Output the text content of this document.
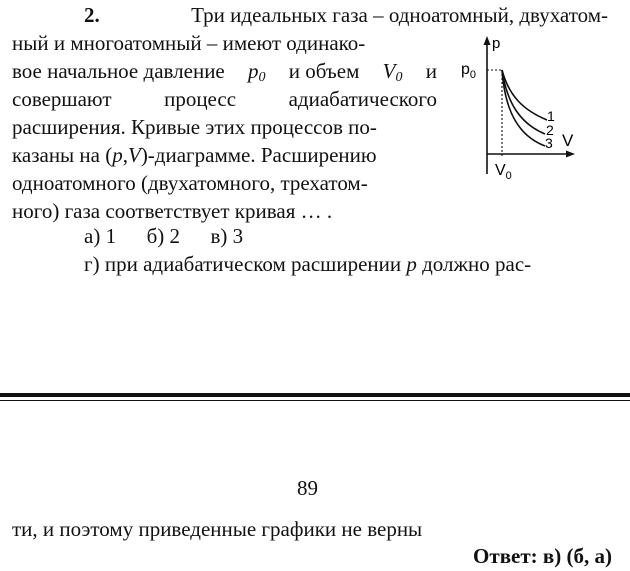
2.	Три идеальных газа – одноатомный, двухатом-
ный и многоатомный – имеют одинако-
вое начальное давление $p_0$ и объем $V_0$ и
совершают процесс адиабатического
расширения. Кривые этих процессов по-
казаны на (p,V)-диаграмме. Расширению
одноатомного (двухатомного, трехатом-
ного) газа соответствует кривая … .
а) 1 б) 2 в) 3
г) при адиабатическом расширении p должно рас-
p
V
$p_0$
$V_0$
1
2
3
89
ти, и поэтому приведенные графики не верны
Ответ: в) (б, а)
